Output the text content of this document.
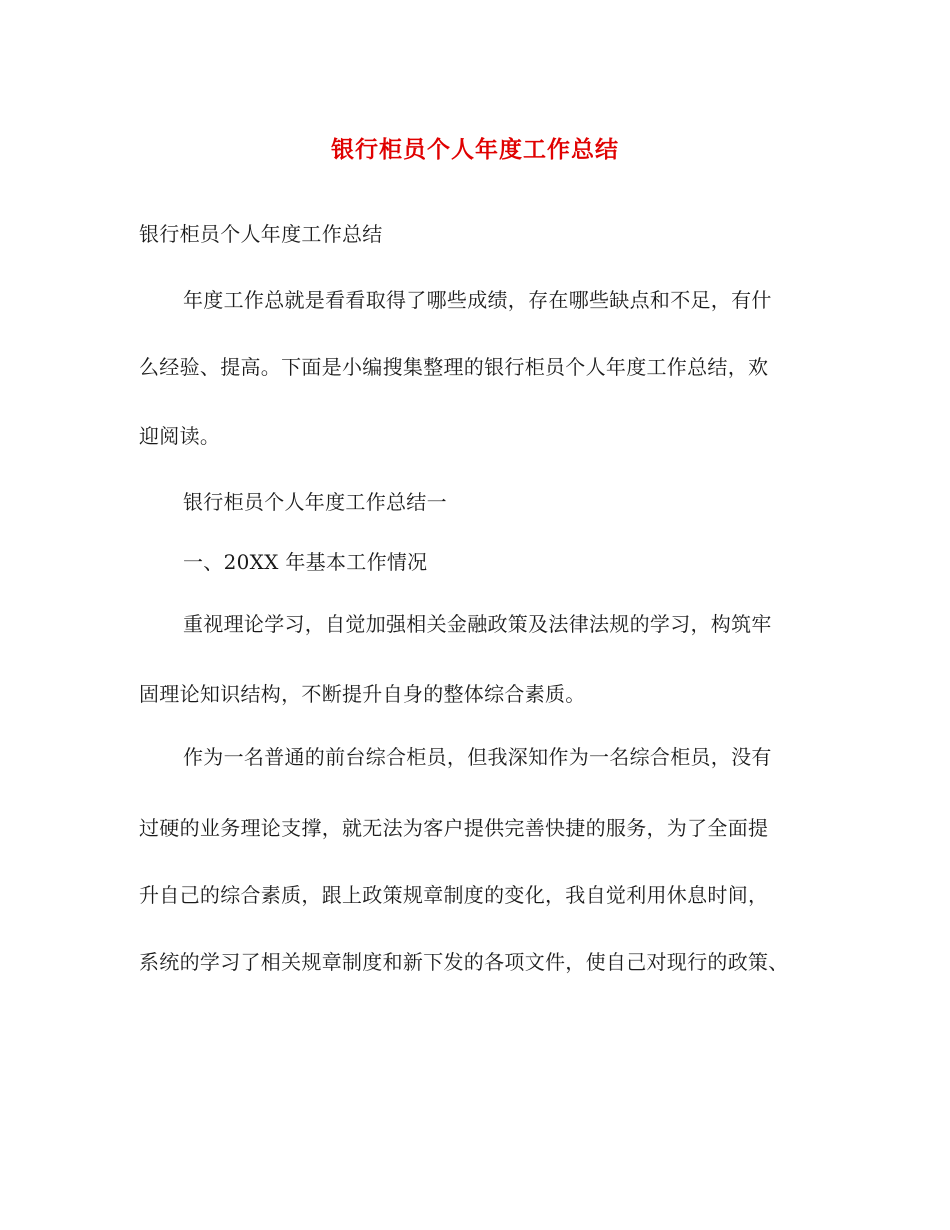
银行柜员个人年度工作总结
银行柜员个人年度工作总结
年度工作总就是看看取得了哪些成绩，存在哪些缺点和不足，有什
么经验、提高。下面是小编搜集整理的银行柜员个人年度工作总结，欢
迎阅读。
银行柜员个人年度工作总结一
一、20XX 年基本工作情况
重视理论学习，自觉加强相关金融政策及法律法规的学习，构筑牢
固理论知识结构，不断提升自身的整体综合素质。
作为一名普通的前台综合柜员，但我深知作为一名综合柜员，没有
过硬的业务理论支撑，就无法为客户提供完善快捷的服务，为了全面提
升自己的综合素质，跟上政策规章制度的变化，我自觉利用休息时间，
系统的学习了相关规章制度和新下发的各项文件，使自己对现行的政策、
